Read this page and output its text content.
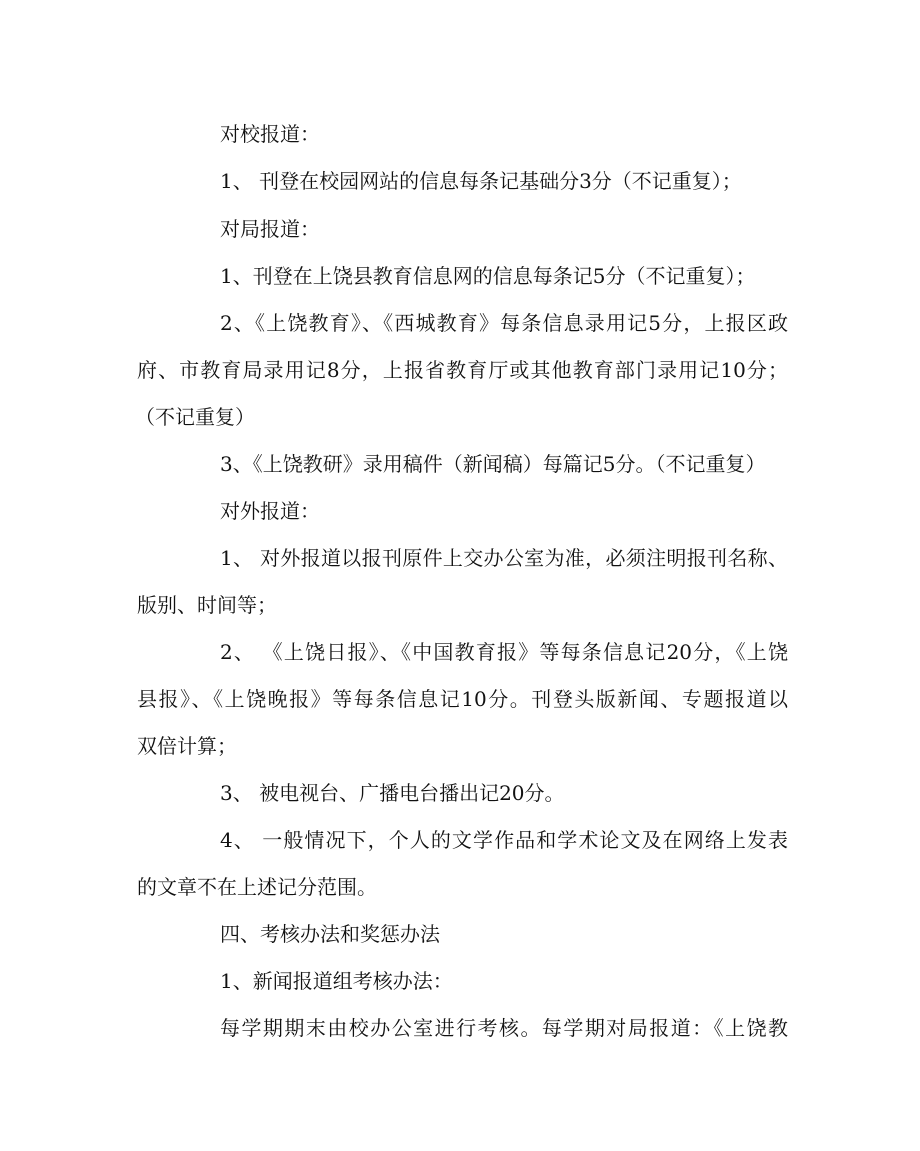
对校报道：
1、 刊登在校园网站的信息每条记基础分3分（不记重复）；
对局报道：
1、刊登在上饶县教育信息网的信息每条记5分（不记重复）；
2、《上饶教育》、《西城教育》每条信息录用记5分，上报区政
府、市教育局录用记8分，上报省教育厅或其他教育部门录用记10分；
（不记重复）
3、《上饶教研》录用稿件（新闻稿）每篇记5分。（不记重复）
对外报道：
1、 对外报道以报刊原件上交办公室为准，必须注明报刊名称、
版别、时间等；
2、 《上饶日报》、《中国教育报》等每条信息记20分，《上饶
县报》、《上饶晚报》等每条信息记10分。刊登头版新闻、专题报道以
双倍计算；
3、 被电视台、广播电台播出记20分。
4、 一般情况下，个人的文学作品和学术论文及在网络上发表
的文章不在上述记分范围。
四、考核办法和奖惩办法
1、新闻报道组考核办法：
每学期期末由校办公室进行考核。每学期对局报道：《上饶教
